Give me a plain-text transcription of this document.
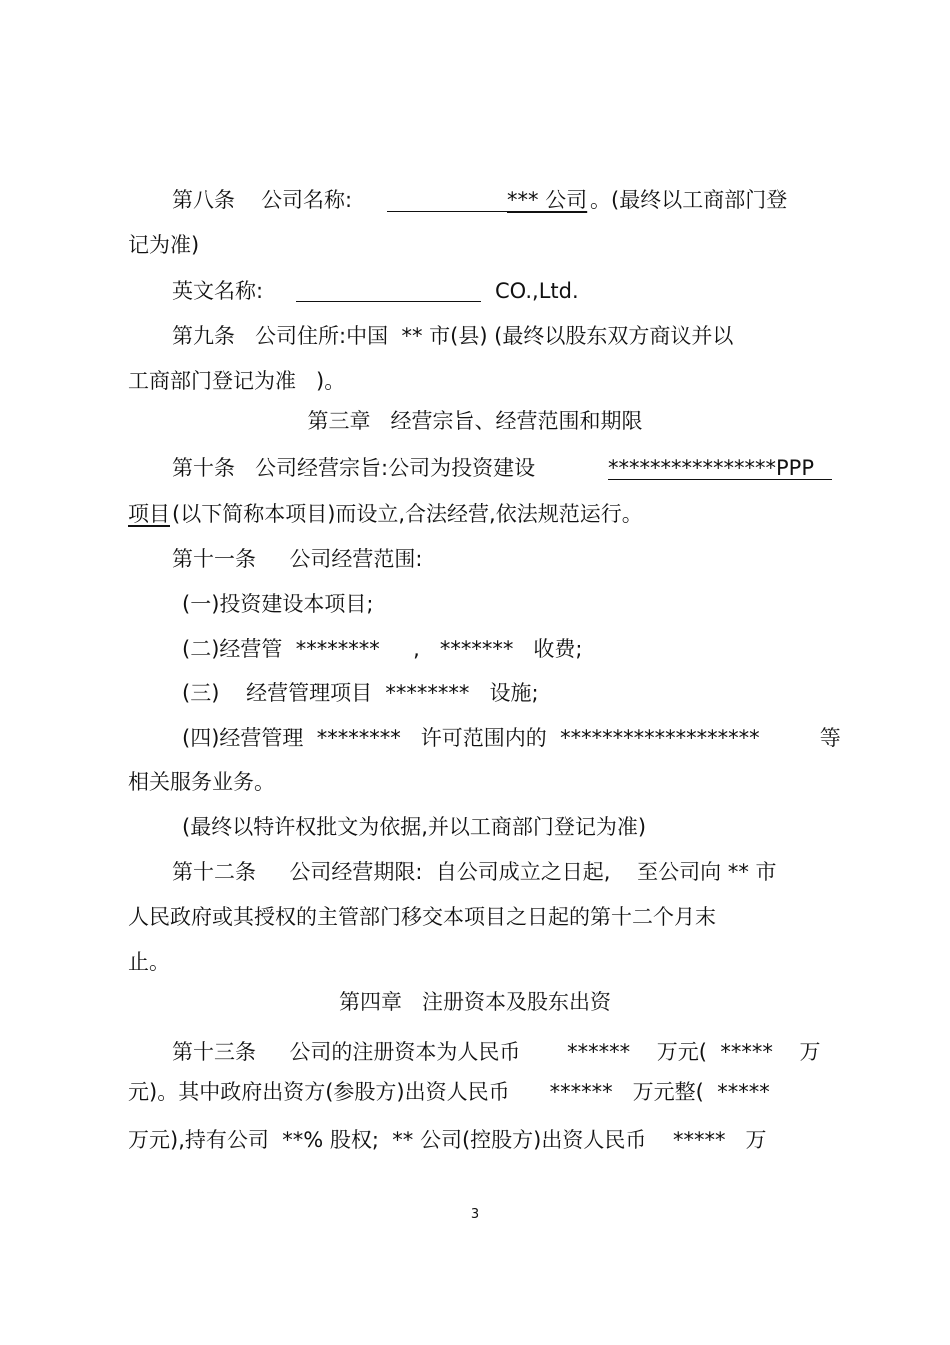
第八条 公司名称:	*** 公司 。(最终以工商部门登
记为准)
英文名称:	CO.,Ltd.
第九条   公司住所:中国  ** 市(县) (最终以股东双方商议并以
工商部门登记为准   )。
第三章   经营宗旨、经营范围和期限
第十条   公司经营宗旨:公司为投资建设	****************PPP
项目 (以下简称本项目)而设立,合法经营,依法规范运行。
第十一条     公司经营范围:
(一)投资建设本项目;
(二)经营管  ********     ,   *******   收费;
(三)    经营管理项目  ********   设施;
(四)经营管理  ********   许可范围内的  *******************         等
相关服务业务。
(最终以特许权批文为依据,并以工商部门登记为准)
第十二条     公司经营期限:  自公司成立之日起,    至公司向 ** 市
人民政府或其授权的主管部门移交本项目之日起的第十二个月末
止。
第四章   注册资本及股东出资
第十三条     公司的注册资本为人民币       ******    万元(  *****    万
元)。其中政府出资方(参股方)出资人民币      ******   万元整(  *****
万元),持有公司  **% 股权;  ** 公司(控股方)出资人民币    *****   万
3
